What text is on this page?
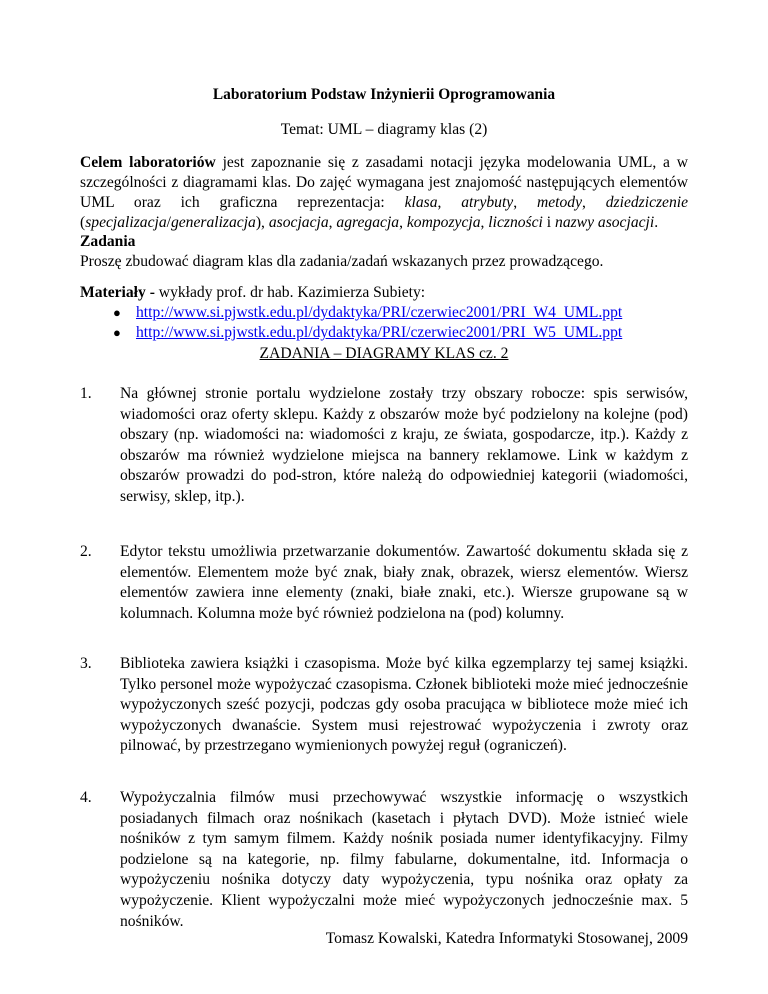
Laboratorium Podstaw Inżynierii Oprogramowania
Temat: UML – diagramy klas (2)
Celem laboratoriów jest zapoznanie się z zasadami notacji języka modelowania UML, a w szczególności z diagramami klas. Do zajęć wymagana jest znajomość następujących elementów UML oraz ich graficzna reprezentacja: klasa, atrybuty, metody, dziedziczenie (specjalizacja/generalizacja), asocjacja, agregacja, kompozycja, liczności i nazwy asocjacji.
Zadania
Proszę zbudować diagram klas dla zadania/zadań wskazanych przez prowadzącego.
Materiały - wykłady prof. dr hab. Kazimierza Subiety:
● http://www.si.pjwstk.edu.pl/dydaktyka/PRI/czerwiec2001/PRI_W4_UML.ppt
● http://www.si.pjwstk.edu.pl/dydaktyka/PRI/czerwiec2001/PRI_W5_UML.ppt
ZADANIA – DIAGRAMY KLAS cz. 2
1. Na głównej stronie portalu wydzielone zostały trzy obszary robocze: spis serwisów, wiadomości oraz oferty sklepu. Każdy z obszarów może być podzielony na kolejne (pod) obszary (np. wiadomości na: wiadomości z kraju, ze świata, gospodarcze, itp.). Każdy z obszarów ma również wydzielone miejsca na bannery reklamowe. Link w każdym z obszarów prowadzi do pod-stron, które należą do odpowiedniej kategorii (wiadomości, serwisy, sklep, itp.).
2. Edytor tekstu umożliwia przetwarzanie dokumentów. Zawartość dokumentu składa się z elementów. Elementem może być znak, biały znak, obrazek, wiersz elementów. Wiersz elementów zawiera inne elementy (znaki, białe znaki, etc.). Wiersze grupowane są w kolumnach. Kolumna może być również podzielona na (pod) kolumny.
3. Biblioteka zawiera książki i czasopisma. Może być kilka egzemplarzy tej samej książki. Tylko personel może wypożyczać czasopisma. Członek biblioteki może mieć jednocześnie wypożyczonych sześć pozycji, podczas gdy osoba pracująca w bibliotece może mieć ich wypożyczonych dwanaście. System musi rejestrować wypożyczenia i zwroty oraz pilnować, by przestrzegano wymienionych powyżej reguł (ograniczeń).
4. Wypożyczalnia filmów musi przechowywać wszystkie informację o wszystkich posiadanych filmach oraz nośnikach (kasetach i płytach DVD). Może istnieć wiele nośników z tym samym filmem. Każdy nośnik posiada numer identyfikacyjny. Filmy podzielone są na kategorie, np. filmy fabularne, dokumentalne, itd. Informacja o wypożyczeniu nośnika dotyczy daty wypożyczenia, typu nośnika oraz opłaty za wypożyczenie. Klient wypożyczalni może mieć wypożyczonych jednocześnie max. 5 nośników.
Tomasz Kowalski, Katedra Informatyki Stosowanej, 2009
